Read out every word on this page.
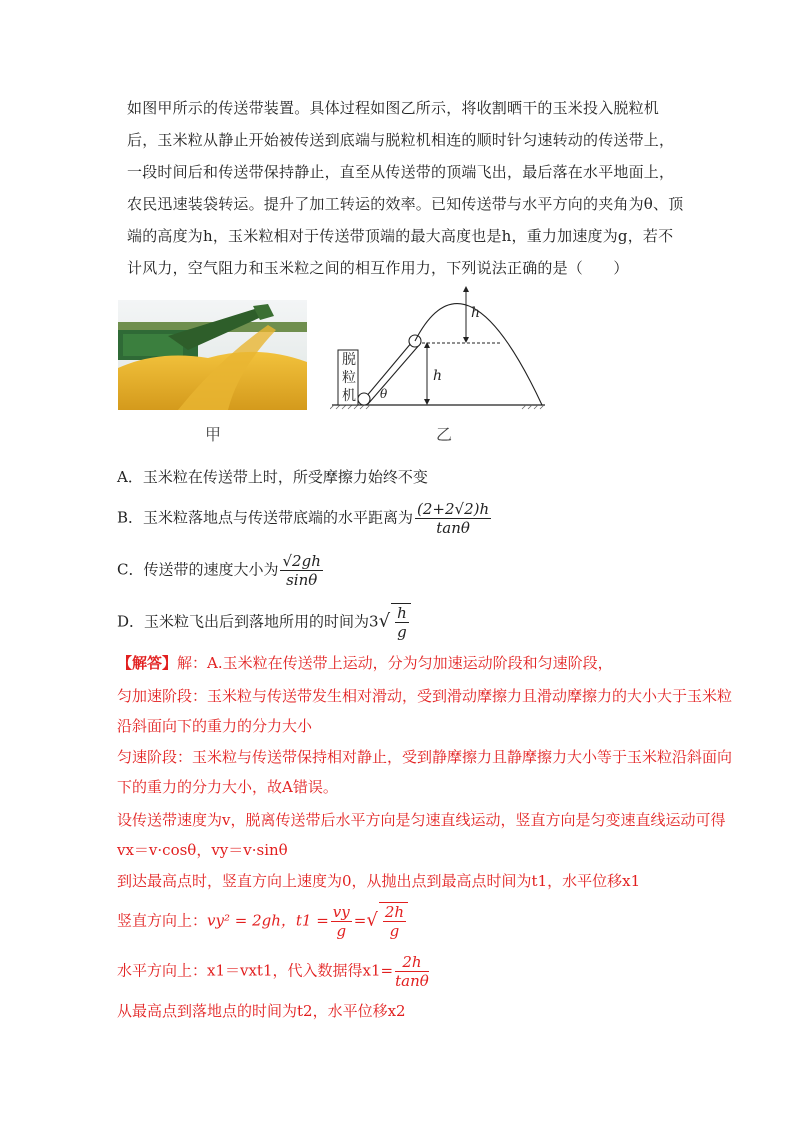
如图甲所示的传送带装置。具体过程如图乙所示，将收割晒干的玉米投入脱粒机后，玉米粒从静止开始被传送到底端与脱粒机相连的顺时针匀速转动的传送带上，一段时间后和传送带保持静止，直至从传送带的顶端飞出，最后落在水平地面上，农民迅速装袋转运。提升了加工转运的效率。已知传送带与水平方向的夹角为θ、顶端的高度为h，玉米粒相对于传送带顶端的最大高度也是h，重力加速度为g，若不计风力，空气阻力和玉米粒之间的相互作用力，下列说法正确的是（　　）
脱
粒
机
h
h
θ
甲	乙
A．玉米粒在传送带上时，所受摩擦力始终不变
B．玉米粒落地点与传送带底端的水平距离为 $\frac{(2+2√2)h}{\tan\theta}$
C．传送带的速度大小为 $\frac{√2gh}{\sin\theta}$
D．玉米粒飞出后到落地所用的时间为$3√ \frac{h}{g}$
【解答】解：A.玉米粒在传送带上运动，分为匀加速运动阶段和匀速阶段，
匀加速阶段：玉米粒与传送带发生相对滑动，受到滑动摩擦力且滑动摩擦力的大小大于玉米粒
沿斜面向下的重力的分力大小
匀速阶段：玉米粒与传送带保持相对静止，受到静摩擦力且静摩擦力大小等于玉米粒沿斜面向
下的重力的分力大小，故A错误。
设传送带速度为v，脱离传送带后水平方向是匀速直线运动，竖直方向是匀变速直线运动可得
vx＝v·cosθ，vy＝v·sinθ
到达最高点时，竖直方向上速度为0，从抛出点到最高点时间为t1，水平位移x1
竖直方向上：vy² = 2gh，$t1 = \frac{vy}{g}$ =√ $\frac{2h}{g}$
水平方向上：x1＝vxt1，代入数据得$x1= \frac{2h}{\tan\theta}$
从最高点到落地点的时间为t2，水平位移x2
